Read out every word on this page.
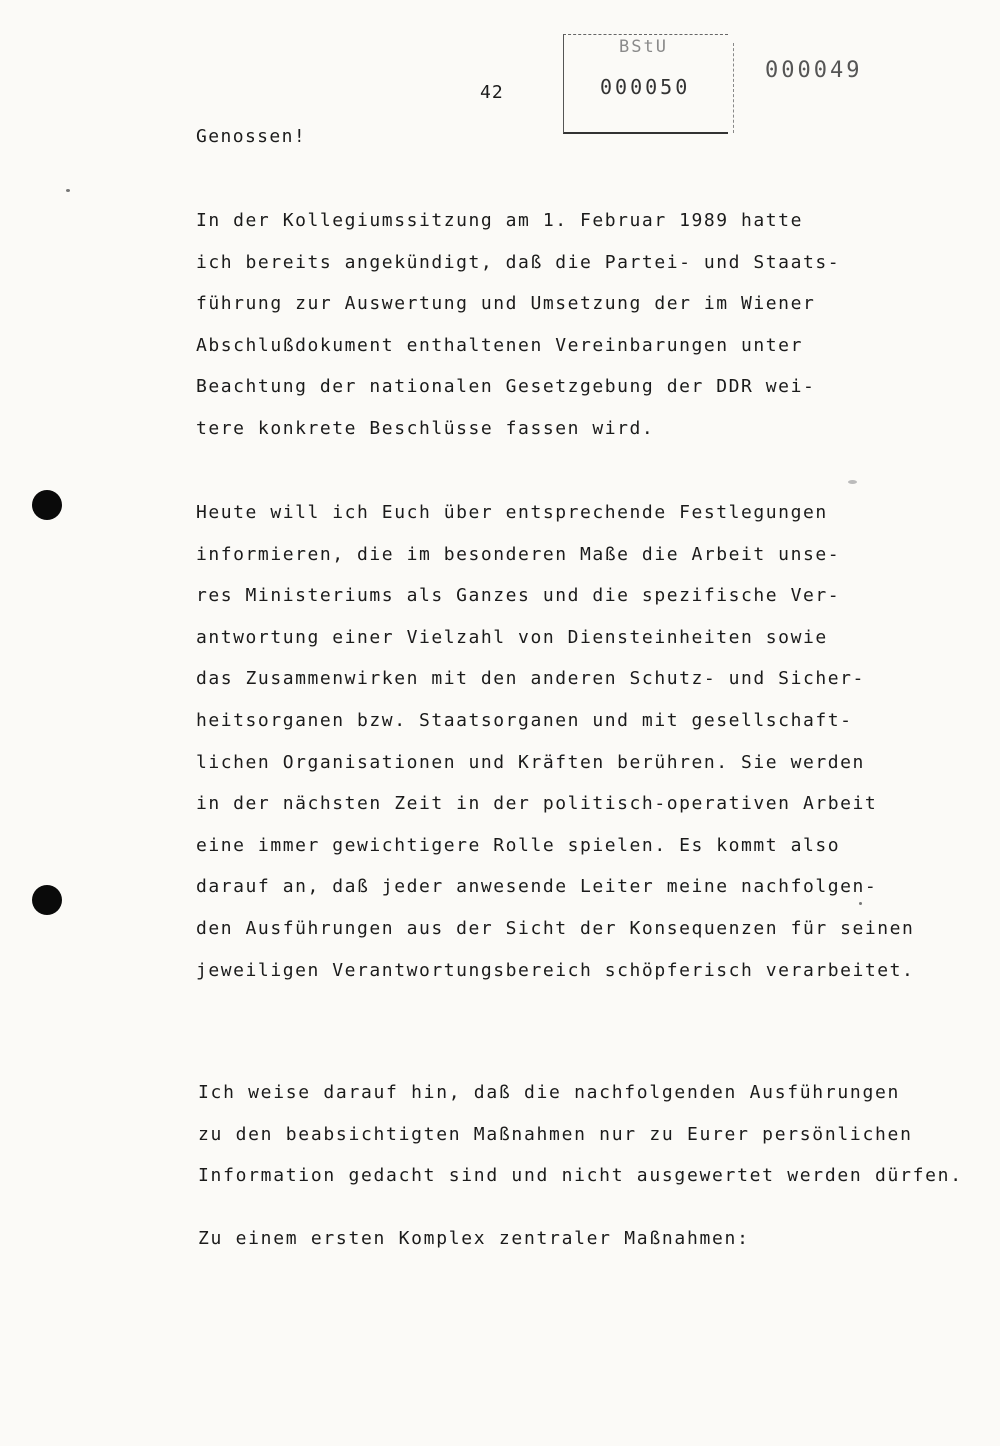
42
BStU
000050
000049
Genossen!
In der Kollegiumssitzung am 1. Februar 1989 hatte
ich bereits angekündigt, daß die Partei- und Staats-
führung zur Auswertung und Umsetzung der im Wiener
Abschlußdokument enthaltenen Vereinbarungen unter
Beachtung der nationalen Gesetzgebung der DDR wei-
tere konkrete Beschlüsse fassen wird.
Heute will ich Euch über entsprechende Festlegungen
informieren, die im besonderen Maße die Arbeit unse-
res Ministeriums als Ganzes und die spezifische Ver-
antwortung einer Vielzahl von Diensteinheiten sowie
das Zusammenwirken mit den anderen Schutz- und Sicher-
heitsorganen bzw. Staatsorganen und mit gesellschaft-
lichen Organisationen und Kräften berühren. Sie werden
in der nächsten Zeit in der politisch-operativen Arbeit
eine immer gewichtigere Rolle spielen. Es kommt also
darauf an, daß jeder anwesende Leiter meine nachfolgen-
den Ausführungen aus der Sicht der Konsequenzen für seinen
jeweiligen Verantwortungsbereich schöpferisch verarbeitet.
Ich weise darauf hin, daß die nachfolgenden Ausführungen
zu den beabsichtigten Maßnahmen nur zu Eurer persönlichen
Information gedacht sind und nicht ausgewertet werden dürfen.
Zu einem ersten Komplex zentraler Maßnahmen:
